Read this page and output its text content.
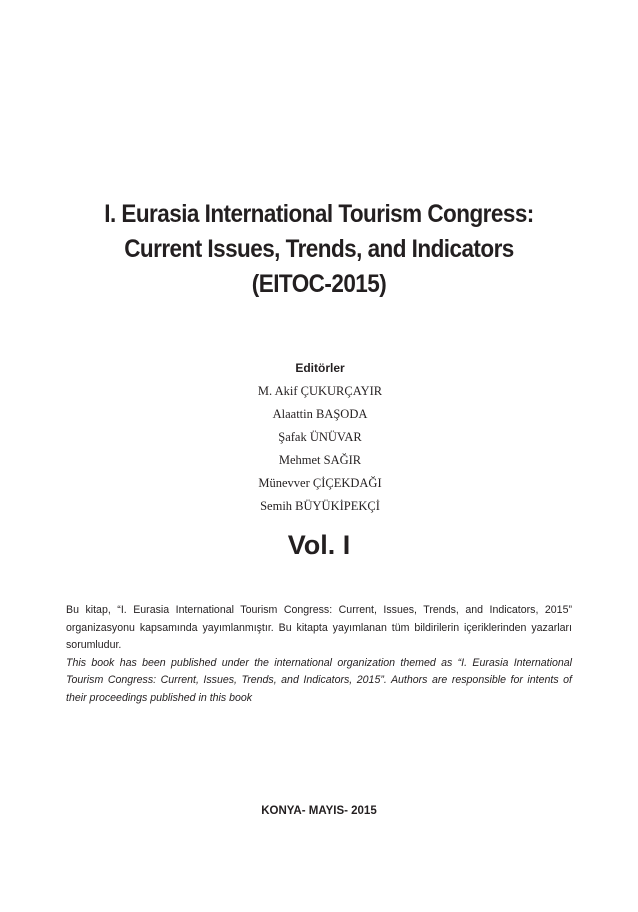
I. Eurasia International Tourism Congress:
Current Issues, Trends, and Indicators
(EITOC-2015)
Editörler
M. Akif ÇUKURÇAYIR
Alaattin BAŞODA
Şafak ÜNÜVAR
Mehmet SAĞIR
Münevver ÇİÇEKDAĞI
Semih BÜYÜKİPEKÇİ
Vol. I

Bu kitap, “I. Eurasia International Tourism Congress: Current, Issues, Trends, and Indicators, 2015” organizasyonu kapsamında yayımlanmıştır. Bu kitapta yayımlanan tüm bildirilerin içeriklerinden yazarları sorumludur.

This book has been published under the international organization themed as “I. Eurasia International Tourism Congress: Current, Issues, Trends, and Indicators, 2015”. Authors are responsible for intents of their proceedings published in this book

KONYA- MAYIS- 2015
